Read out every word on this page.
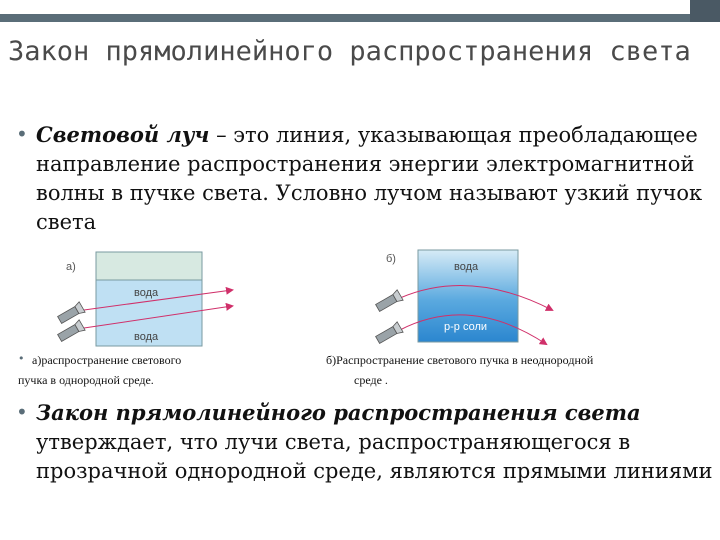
Закон прямолинейного распространения света
• Световой луч – это линия, указывающая преобладающее направление распространения энергии электромагнитной волны в пучке света. Условно лучом называют узкий пучок света
а)
вода
вода
б)
вода
р-р соли
• а)распространение светового
пучка в однородной среде.
б)Распространение светового пучка в неоднородной
среде .
• Закон прямолинейного распространения света утверждает, что лучи света, распространяющегося в прозрачной однородной среде, являются прямыми линиями
